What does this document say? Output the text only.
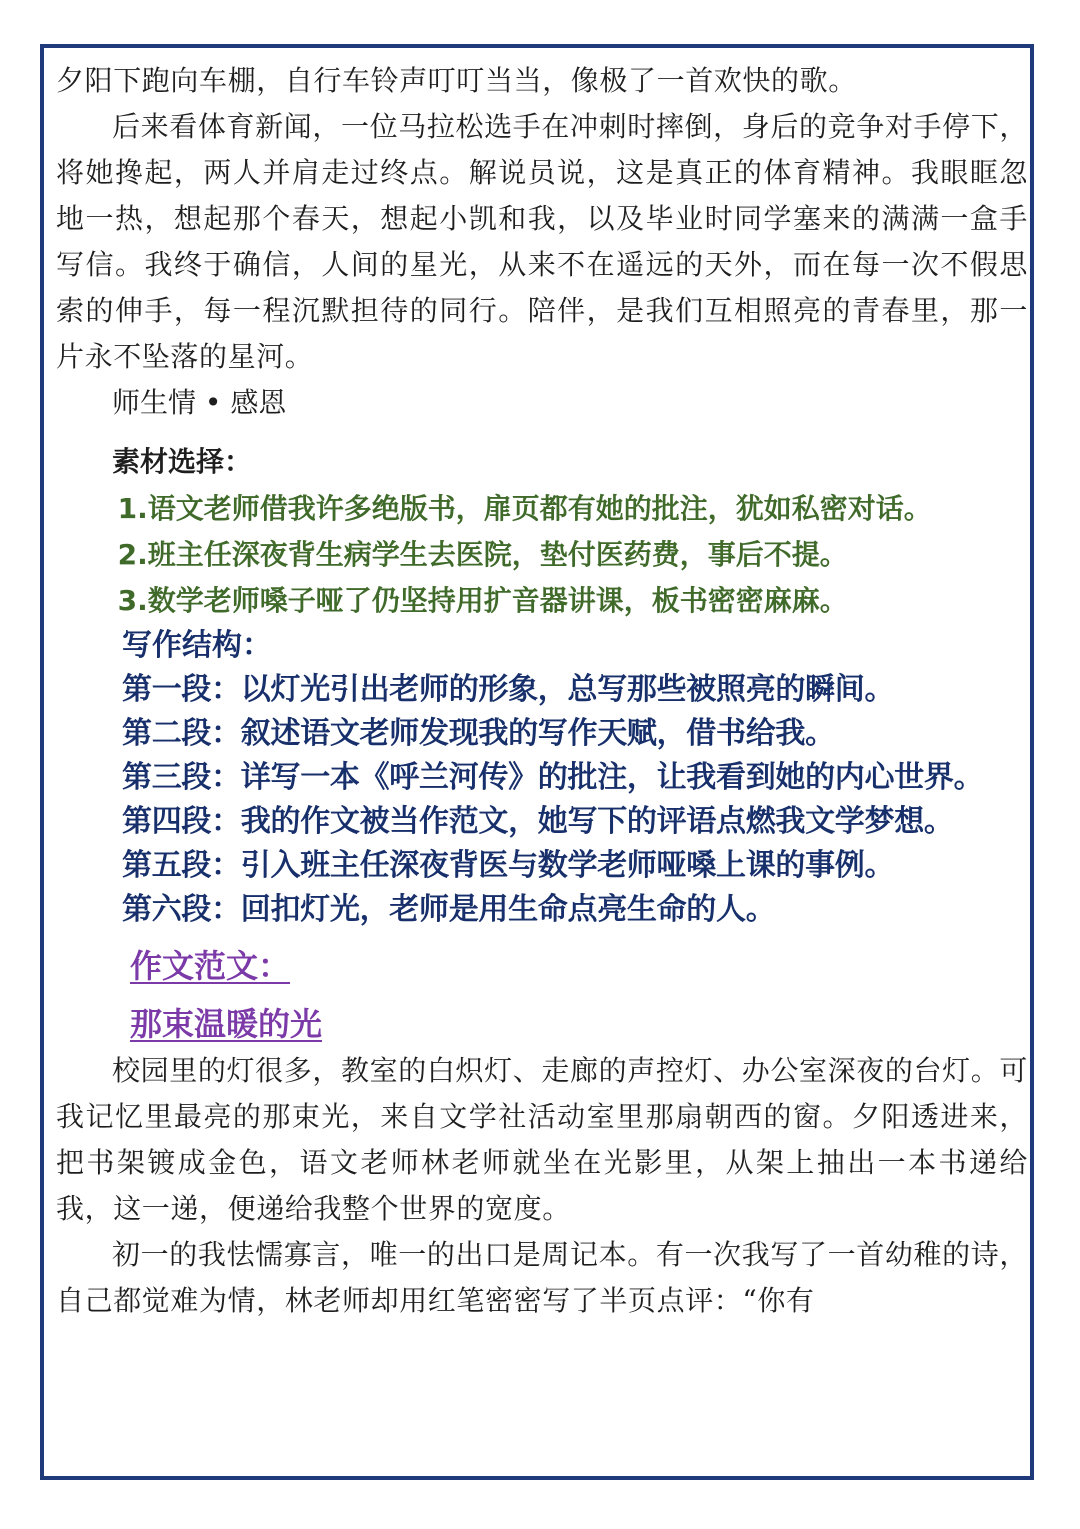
夕阳下跑向车棚，自行车铃声叮叮当当，像极了一首欢快的歌。

后来看体育新闻，一位马拉松选手在冲刺时摔倒，身后的竞争对手停下，将她搀起，两人并肩走过终点。解说员说，这是真正的体育精神。我眼眶忽地一热，想起那个春天，想起小凯和我，以及毕业时同学塞来的满满一盒手写信。我终于确信，人间的星光，从来不在遥远的天外，而在每一次不假思索的伸手，每一程沉默担待的同行。陪伴，是我们互相照亮的青春里，那一片永不坠落的星河。

师生情 • 感恩

素材选择：

1.语文老师借我许多绝版书，扉页都有她的批注，犹如私密对话。

2.班主任深夜背生病学生去医院，垫付医药费，事后不提。

3.数学老师嗓子哑了仍坚持用扩音器讲课，板书密密麻麻。

写作结构：

第一段：以灯光引出老师的形象，总写那些被照亮的瞬间。

第二段：叙述语文老师发现我的写作天赋，借书给我。

第三段：详写一本《呼兰河传》的批注，让我看到她的内心世界。

第四段：我的作文被当作范文，她写下的评语点燃我文学梦想。

第五段：引入班主任深夜背医与数学老师哑嗓上课的事例。

第六段：回扣灯光，老师是用生命点亮生命的人。

作文范文：

那束温暖的光

校园里的灯很多，教室的白炽灯、走廊的声控灯、办公室深夜的台灯。可我记忆里最亮的那束光，来自文学社活动室里那扇朝西的窗。夕阳透进来，把书架镀成金色，语文老师林老师就坐在光影里，从架上抽出一本书递给我，这一递，便递给我整个世界的宽度。

初一的我怯懦寡言，唯一的出口是周记本。有一次我写了一首幼稚的诗，自己都觉难为情，林老师却用红笔密密写了半页点评：“你有
